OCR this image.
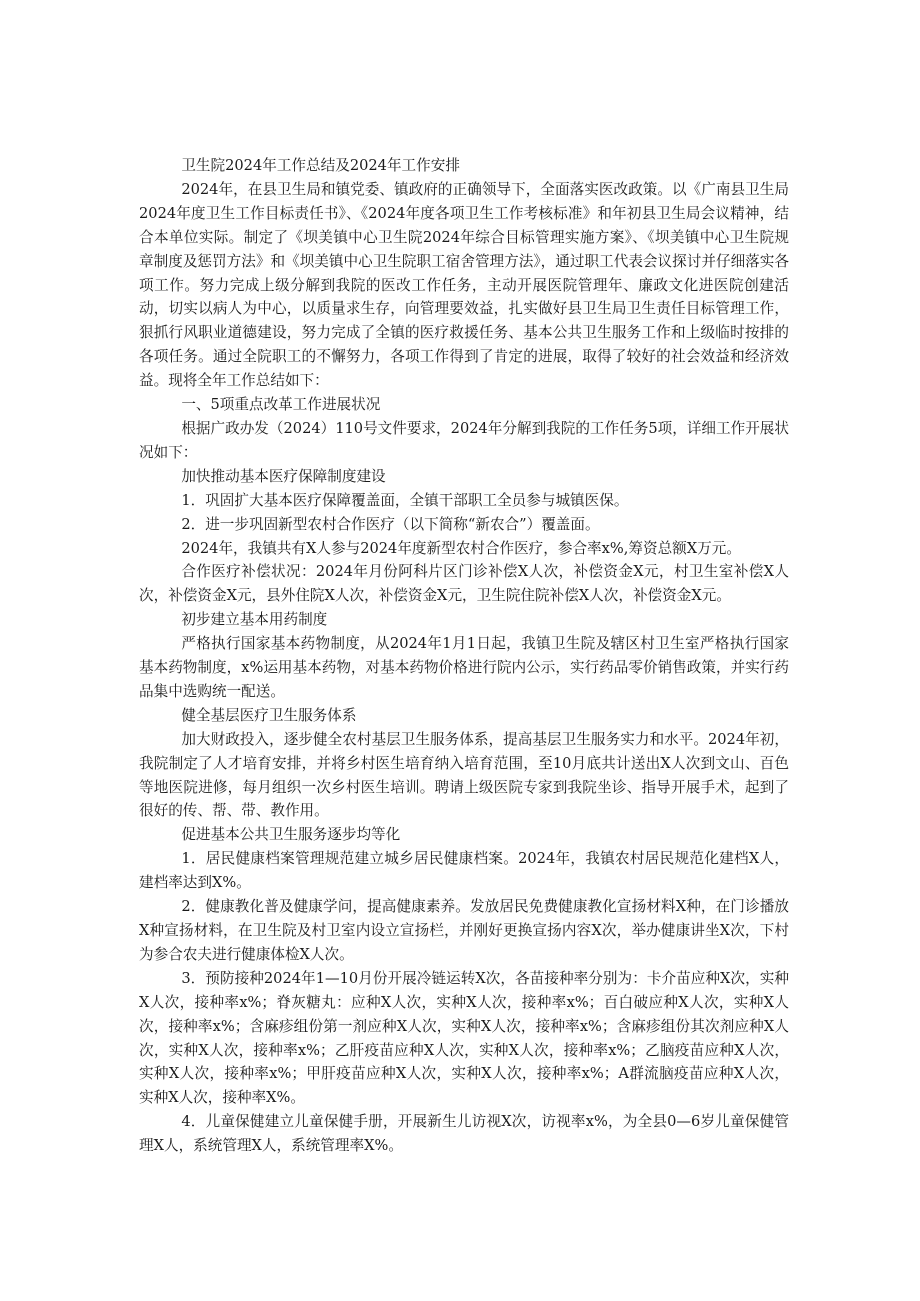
卫生院2024年工作总结及2024年工作安排

2024年，在县卫生局和镇党委、镇政府的正确领导下，全面落实医改政策。以《广南县卫生局2024年度卫生工作目标责任书》、《2024年度各项卫生工作考核标准》和年初县卫生局会议精神，结合本单位实际。制定了《坝美镇中心卫生院2024年综合目标管理实施方案》、《坝美镇中心卫生院规章制度及惩罚方法》和《坝美镇中心卫生院职工宿舍管理方法》，通过职工代表会议探讨并仔细落实各项工作。努力完成上级分解到我院的医改工作任务，主动开展医院管理年、廉政文化进医院创建活动，切实以病人为中心，以质量求生存，向管理要效益，扎实做好县卫生局卫生责任目标管理工作，狠抓行风职业道德建设，努力完成了全镇的医疗救援任务、基本公共卫生服务工作和上级临时按排的各项任务。通过全院职工的不懈努力，各项工作得到了肯定的进展，取得了较好的社会效益和经济效益。现将全年工作总结如下：

一、5项重点改革工作进展状况

根据广政办发（2024）110号文件要求，2024年分解到我院的工作任务5项，详细工作开展状况如下：

加快推动基本医疗保障制度建设

1．巩固扩大基本医疗保障覆盖面，全镇干部职工全员参与城镇医保。

2．进一步巩固新型农村合作医疗（以下简称“新农合”）覆盖面。

2024年，我镇共有X人参与2024年度新型农村合作医疗，参合率x%,筹资总额X万元。

合作医疗补偿状况：2024年月份阿科片区门诊补偿X人次，补偿资金X元，村卫生室补偿X人次，补偿资金X元，县外住院X人次，补偿资金X元，卫生院住院补偿X人次，补偿资金X元。

初步建立基本用药制度

严格执行国家基本药物制度，从2024年1月1日起，我镇卫生院及辖区村卫生室严格执行国家基本药物制度，x%运用基本药物，对基本药物价格进行院内公示，实行药品零价销售政策，并实行药品集中选购统一配送。

健全基层医疗卫生服务体系

加大财政投入，逐步健全农村基层卫生服务体系，提高基层卫生服务实力和水平。2024年初，我院制定了人才培育安排，并将乡村医生培育纳入培育范围，至10月底共计送出X人次到文山、百色等地医院进修，每月组织一次乡村医生培训。聘请上级医院专家到我院坐诊、指导开展手术，起到了很好的传、帮、带、教作用。

促进基本公共卫生服务逐步均等化

1．居民健康档案管理规范建立城乡居民健康档案。2024年，我镇农村居民规范化建档X人，建档率达到X%。

2．健康教化普及健康学问，提高健康素养。发放居民免费健康教化宣扬材料X种，在门诊播放X种宣扬材料，在卫生院及村卫室内设立宣扬栏，并刚好更换宣扬内容X次，举办健康讲坐X次，下村为参合农夫进行健康体检X人次。

3．预防接种2024年1—10月份开展冷链运转X次，各苗接种率分别为：卡介苗应种X次，实种X人次，接种率x%；脊灰糖丸：应种X人次，实种X人次，接种率x%；百白破应种X人次，实种X人次，接种率x%；含麻疹组份第一剂应种X人次，实种X人次，接种率x%；含麻疹组份其次剂应种X人次，实种X人次，接种率x%；乙肝疫苗应种X人次，实种X人次，接种率x%；乙脑疫苗应种X人次，实种X人次，接种率x%；甲肝疫苗应种X人次，实种X人次，接种率x%；A群流脑疫苗应种X人次，实种X人次，接种率X%。

4．儿童保健建立儿童保健手册，开展新生儿访视X次，访视率x%，为全县0—6岁儿童保健管理X人，系统管理X人，系统管理率X%。
